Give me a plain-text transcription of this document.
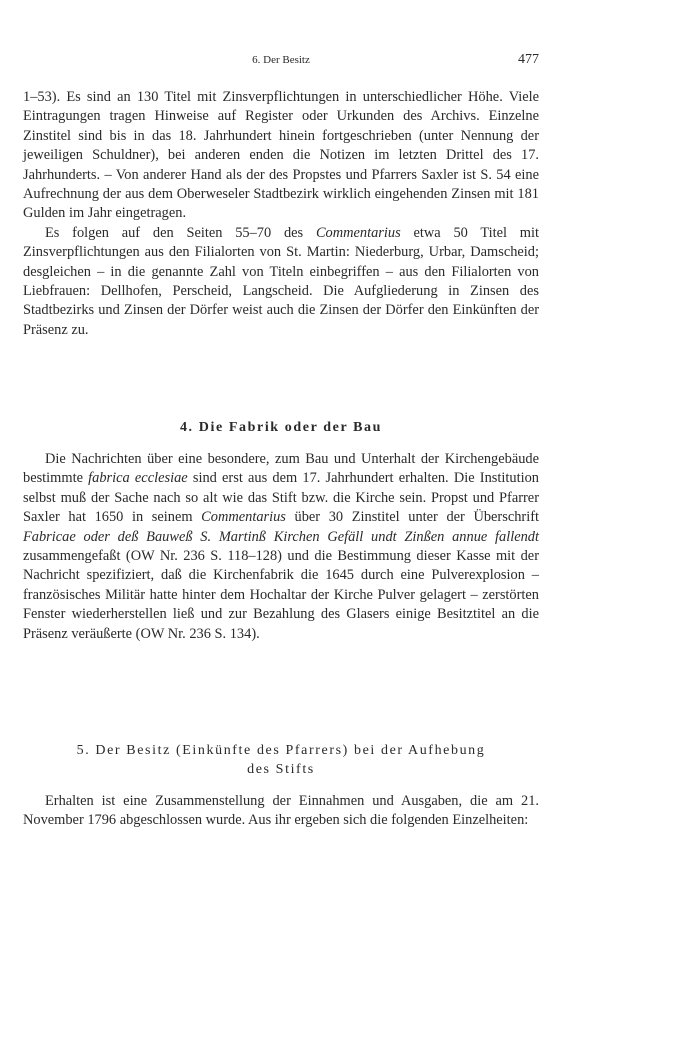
6. Der Besitz	477

1–53). Es sind an 130 Titel mit Zinsverpflichtungen in unterschiedlicher Höhe. Viele Eintragungen tragen Hinweise auf Register oder Urkunden des Archivs. Einzelne Zinstitel sind bis in das 18. Jahrhundert hinein fortgeschrieben (unter Nennung der jeweiligen Schuldner), bei anderen enden die Notizen im letzten Drittel des 17. Jahrhunderts. – Von anderer Hand als der des Propstes und Pfarrers Saxler ist S. 54 eine Aufrechnung der aus dem Oberweseler Stadtbezirk wirklich eingehenden Zinsen mit 181 Gulden im Jahr eingetragen.

Es folgen auf den Seiten 55–70 des Commentarius etwa 50 Titel mit Zinsverpflichtungen aus den Filialorten von St. Martin: Niederburg, Urbar, Damscheid; desgleichen – in die genannte Zahl von Titeln einbegriffen – aus den Filialorten von Liebfrauen: Dellhofen, Perscheid, Langscheid. Die Aufgliederung in Zinsen des Stadtbezirks und Zinsen der Dörfer weist auch die Zinsen der Dörfer den Einkünften der Präsenz zu.

4. Die Fabrik oder der Bau

Die Nachrichten über eine besondere, zum Bau und Unterhalt der Kirchengebäude bestimmte fabrica ecclesiae sind erst aus dem 17. Jahrhundert erhalten. Die Institution selbst muß der Sache nach so alt wie das Stift bzw. die Kirche sein. Propst und Pfarrer Saxler hat 1650 in seinem Commentarius über 30 Zinstitel unter der Überschrift Fabricae oder deß Bauweß S. Martinß Kirchen Gefäll undt Zinßen annue fallendt zusammengefaßt (OW Nr. 236 S. 118–128) und die Bestimmung dieser Kasse mit der Nachricht spezifiziert, daß die Kirchenfabrik die 1645 durch eine Pulverexplosion – französisches Militär hatte hinter dem Hochaltar der Kirche Pulver gelagert – zerstörten Fenster wiederherstellen ließ und zur Bezahlung des Glasers einige Besitztitel an die Präsenz veräußerte (OW Nr. 236 S. 134).

5. Der Besitz (Einkünfte des Pfarrers) bei der Aufhebung
des Stifts

Erhalten ist eine Zusammenstellung der Einnahmen und Ausgaben, die am 21. November 1796 abgeschlossen wurde. Aus ihr ergeben sich die folgenden Einzelheiten:
